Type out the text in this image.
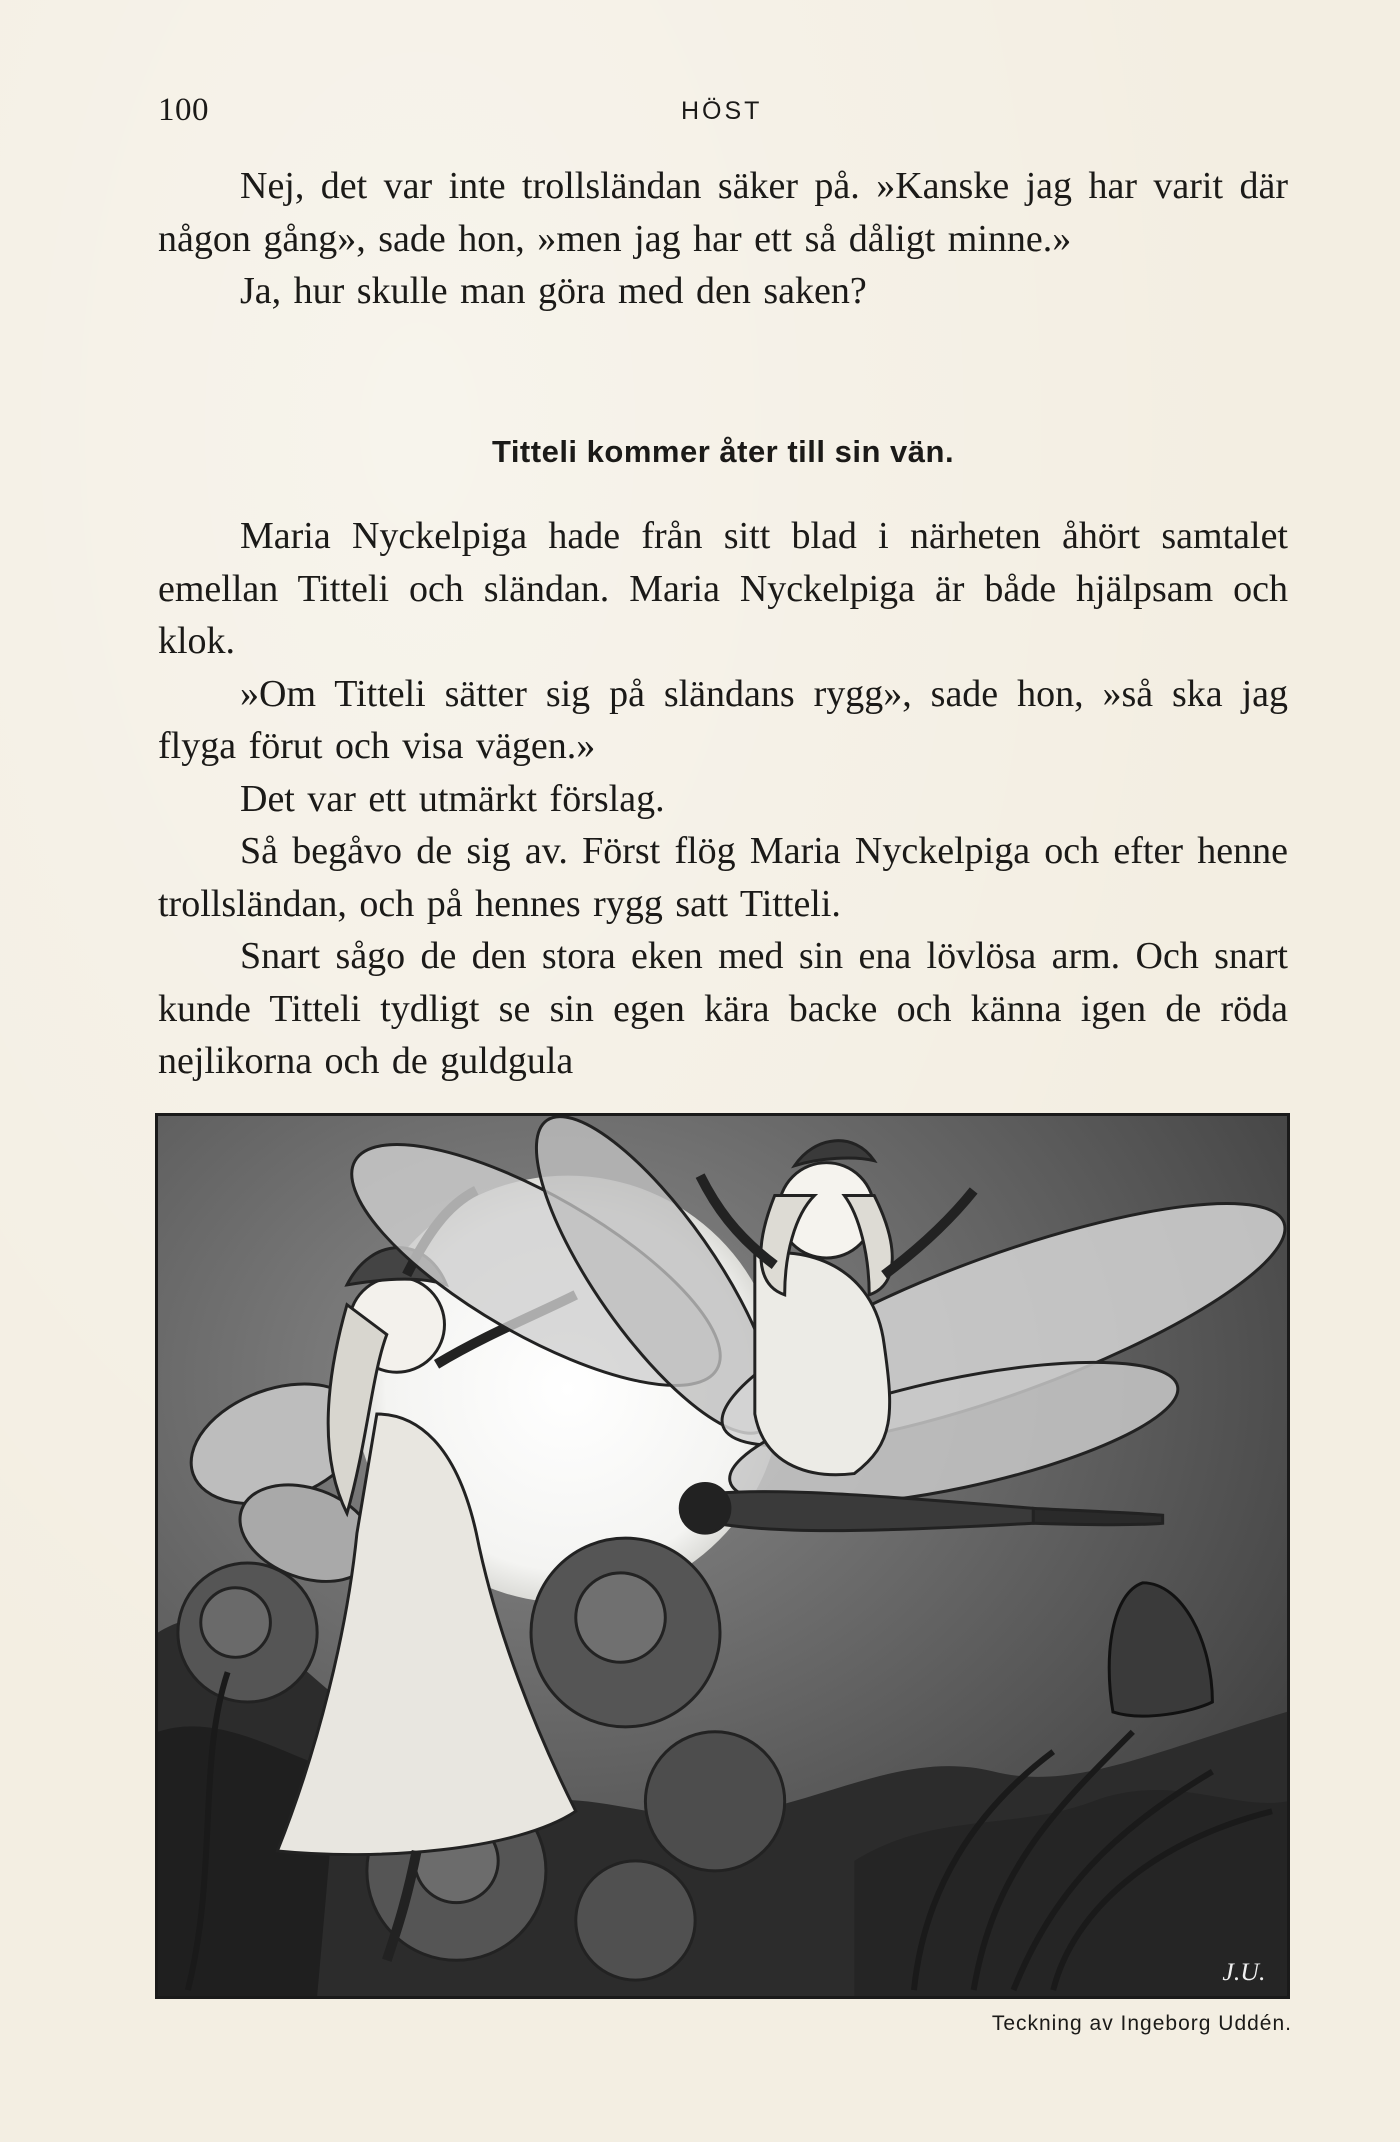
100	HÖST

Nej, det var inte trollsländan säker på. »Kanske jag har varit där någon gång», sade hon, »men jag har ett så dåligt minne.»

Ja, hur skulle man göra med den saken?

Titteli kommer åter till sin vän.

Maria Nyckelpiga hade från sitt blad i närheten åhört samtalet emellan Titteli och sländan. Maria Nyckelpiga är både hjälpsam och klok.

»Om Titteli sätter sig på sländans rygg», sade hon, »så ska jag flyga förut och visa vägen.»

Det var ett utmärkt förslag.

Så begåvo de sig av. Först flög Maria Nyckelpiga och efter henne trollsländan, och på hennes rygg satt Titteli.

Snart sågo de den stora eken med sin ena lövlösa arm. Och snart kunde Titteli tydligt se sin egen kära backe och känna igen de röda nejlikorna och de guldgula

J.U.
Teckning av Ingeborg Uddén.
